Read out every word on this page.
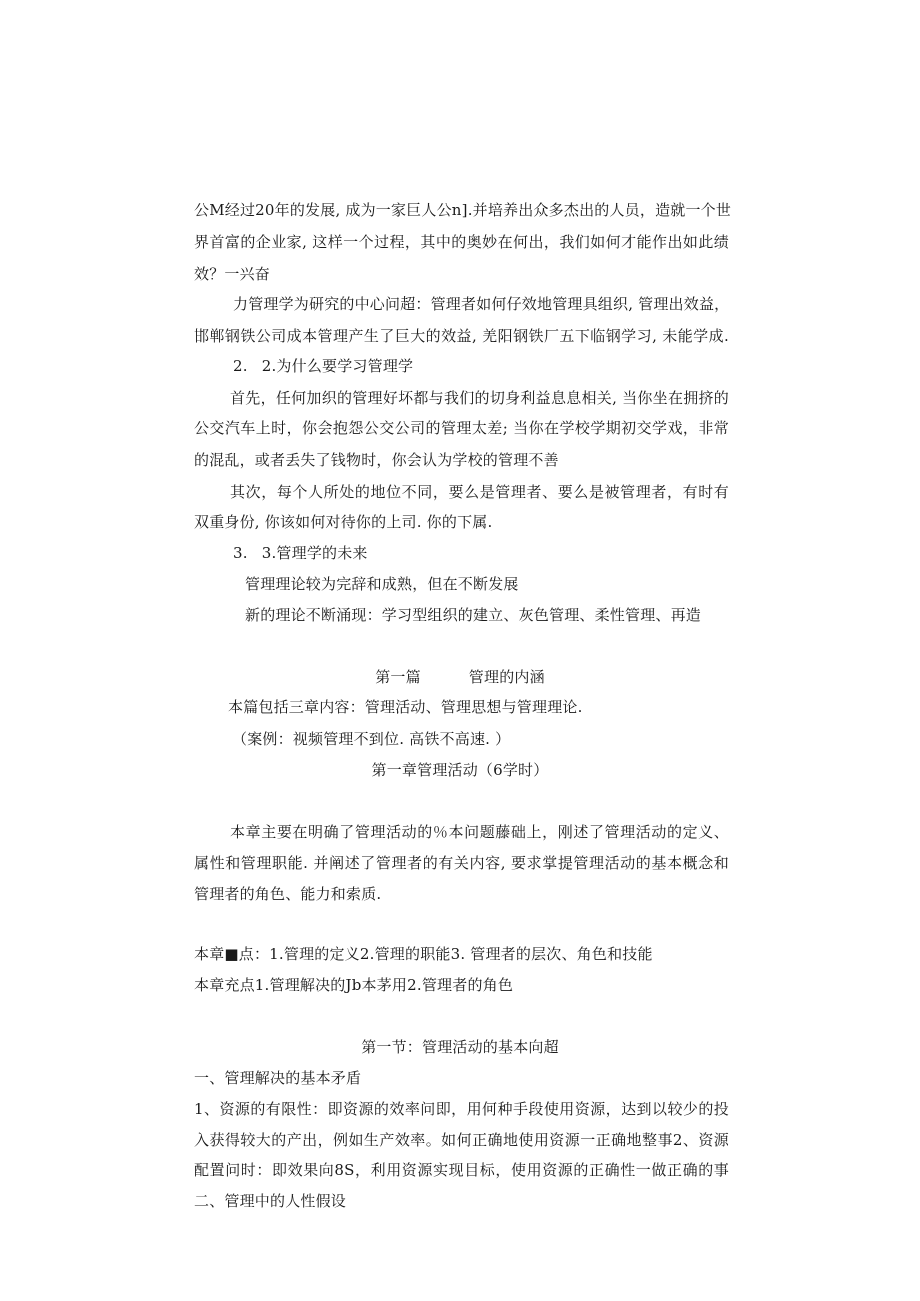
公M经过20年的发展, 成为一家巨人公n].并培养出众多杰出的人员，造就一个世
界首富的企业家, 这样一个过程，其中的奥妙在何出，我们如何才能作出如此绩
效？一兴奋
力管理学为研究的中心问超：管理者如何仔效地管理具组织, 管理出效益，
邯郸钢铁公司成本管理产生了巨大的效益, 羌阳钢铁厂五下临钢学习, 未能学成.
2. 2.为什么要学习管理学
首先，任何加织的管理好坏都与我们的切身利益息息相关, 当你坐在拥挤的
公交汽车上时，你会抱怨公交公司的管理太差; 当你在学校学期初交学戏，非常
的混乱，或者丢失了钱物时，你会认为学校的管理不善
其次，每个人所处的地位不同，要么是管理者、要么是被管理者，有时有
双重身份, 你该如何对待你的上司. 你的下属.
3. 3.管理学的未来
管理理论较为完辞和成熟，但在不断发展
新的理论不断涌现：学习型组织的建立、灰色管理、柔性管理、再造
第一篇	管理的内涵
本篇包括三章内容：管理活动、管理思想与管理理论.
（案例：视频管理不到位. 高铁不高速. ）
第一章管理活动（6学时）
本章主要在明确了管理活动的％本问题藤础上，刚述了管理活动的定义、
属性和管理职能. 并阐述了管理者的有关内容, 要求掌提管理活动的基本概念和
管理者的角色、能力和索质.
本章■点：1.管理的定义2.管理的职能3. 管理者的层次、角色和技能
本章充点1.管理解决的Jb本茅用2.管理者的角色
第一节：管理活动的基本向超
一、管理解决的基本矛盾
1、资源的有限性：即资源的效率问即，用何种手段使用资源，达到以较少的投
入获得较大的产出，例如生产效率。如何正确地使用资源一正确地整事2、资源
配置问时：即效果向8S，利用资源实现目标，使用资源的正确性一做正确的事
二、管理中的人性假设
